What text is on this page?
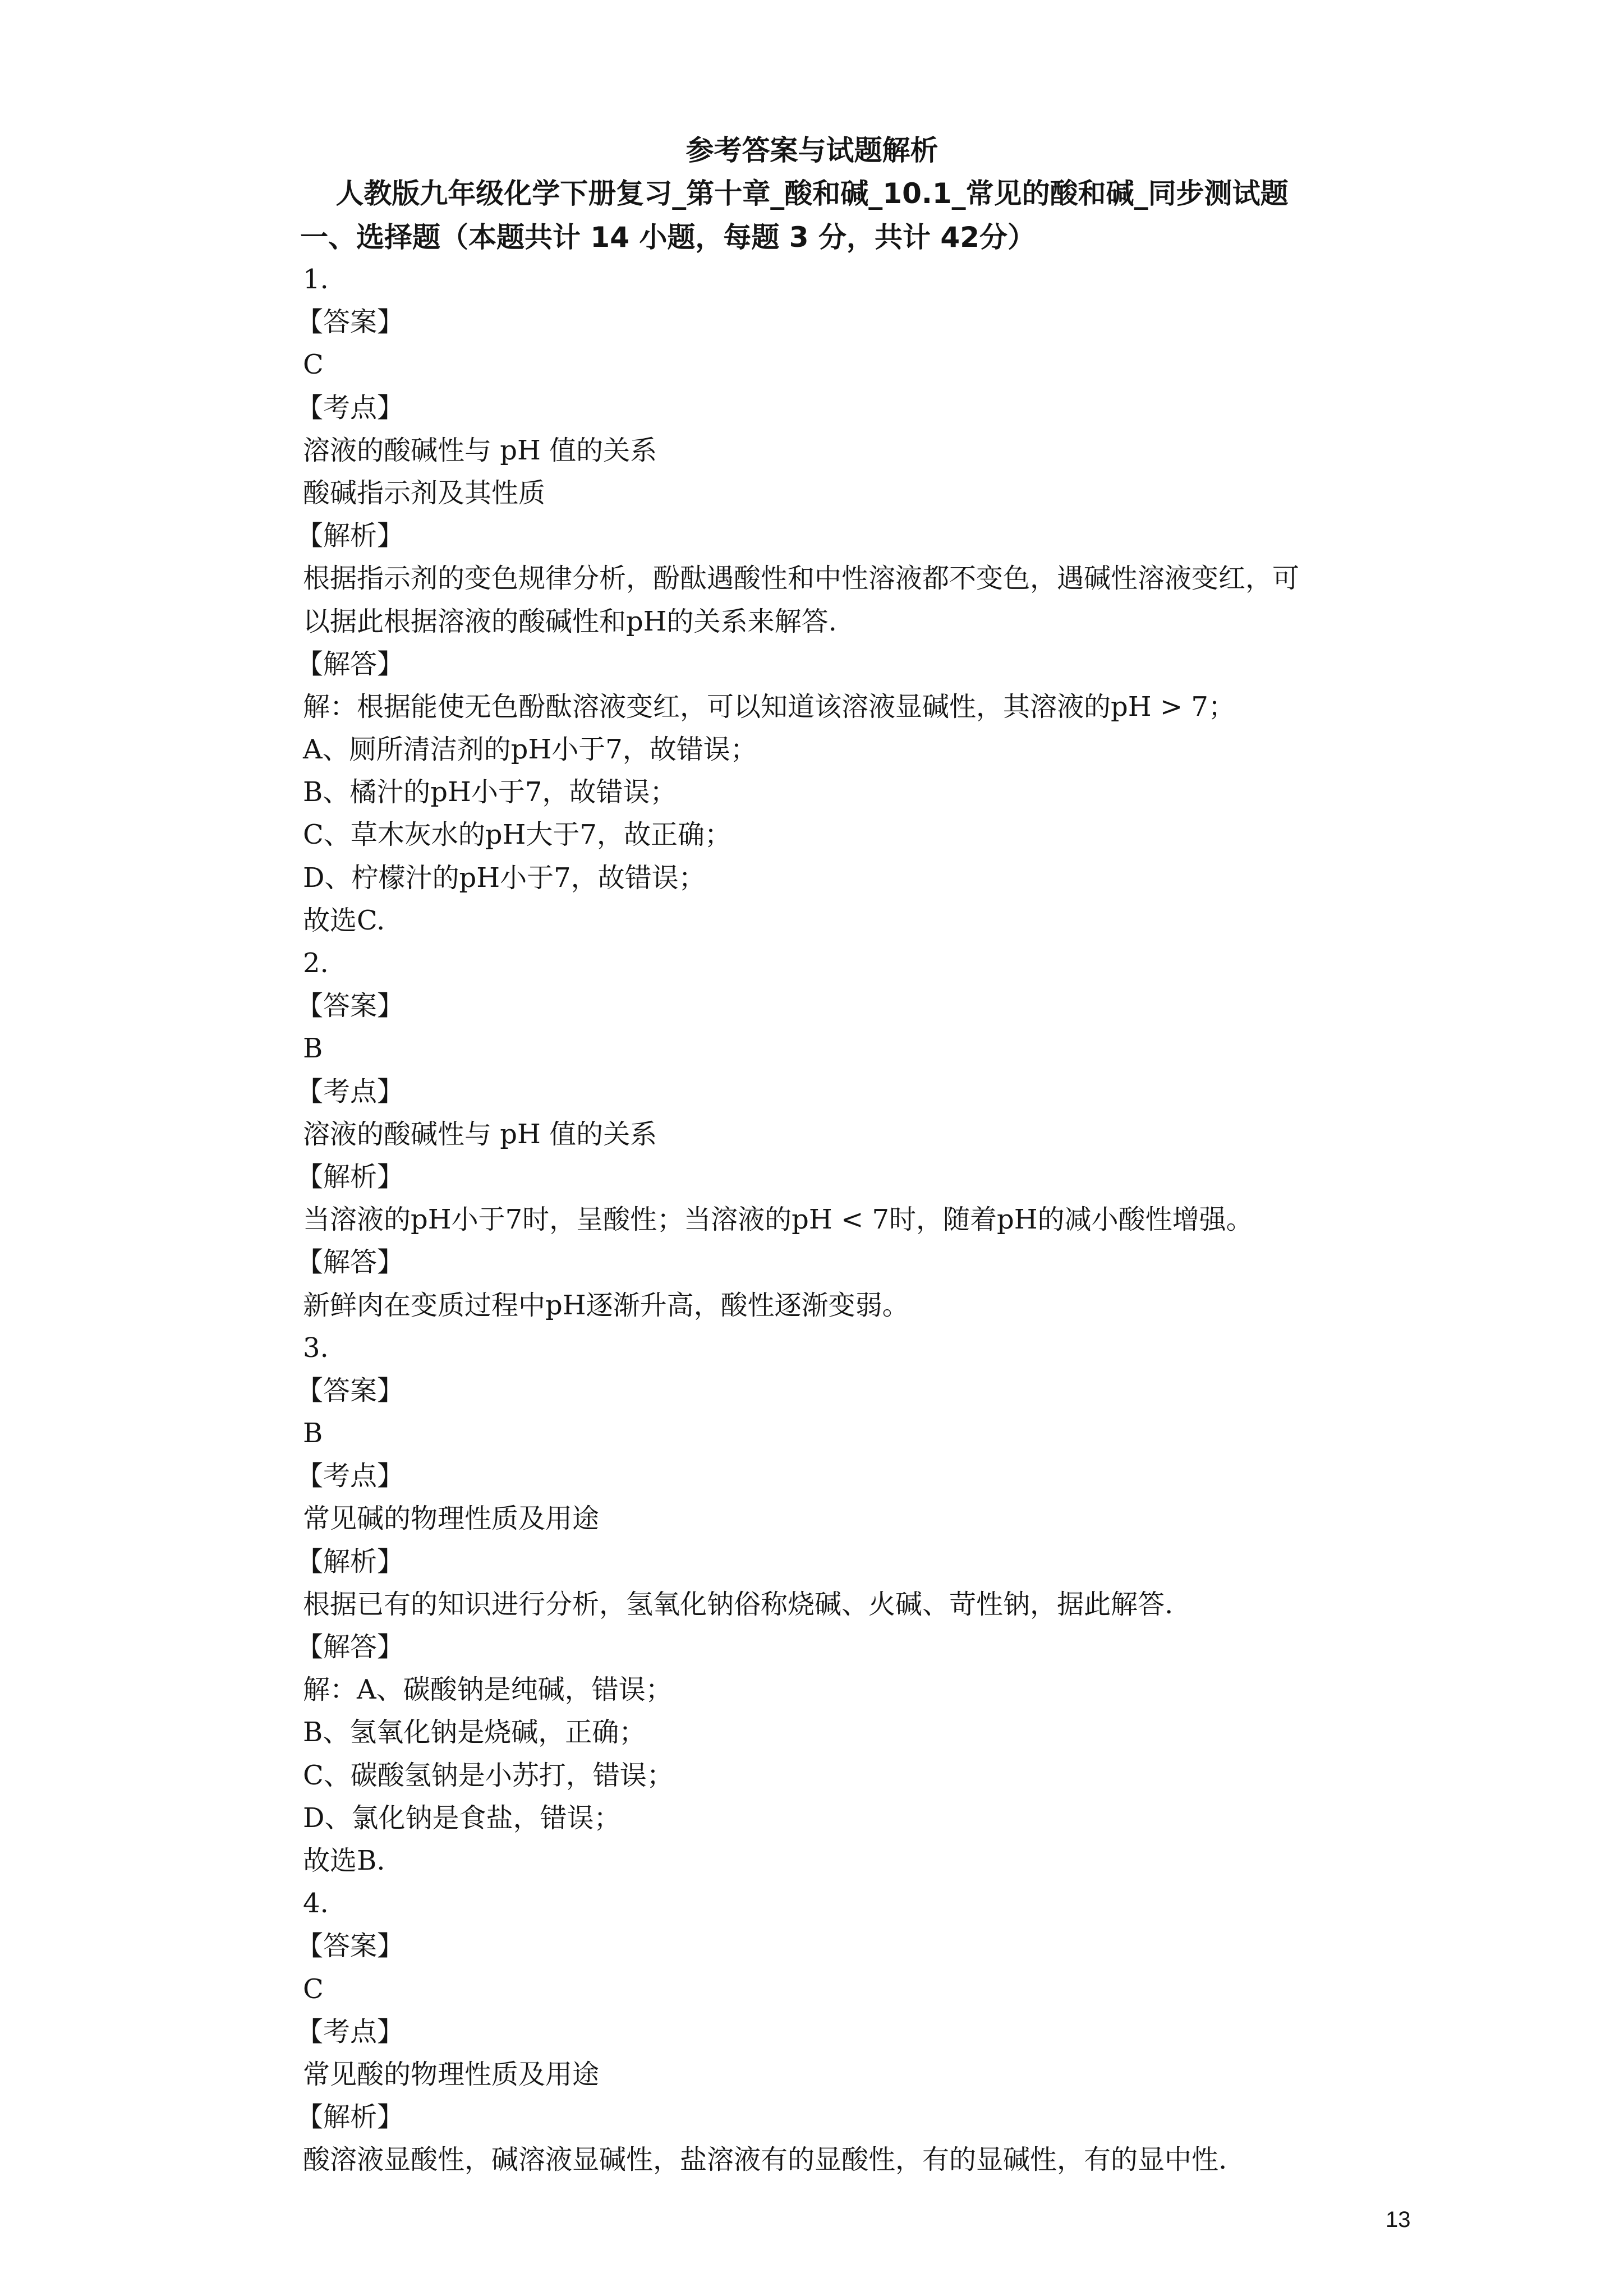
参考答案与试题解析
人教版九年级化学下册复习_第十章_酸和碱_10.1_常见的酸和碱_同步测试题
一、选择题（本题共计 14 小题，每题 3 分，共计 42分）
1.
【答案】
C
【考点】
溶液的酸碱性与 pH 值的关系
酸碱指示剂及其性质
【解析】
根据指示剂的变色规律分析，酚酞遇酸性和中性溶液都不变色，遇碱性溶液变红，可
以据此根据溶液的酸碱性和pH的关系来解答.
【解答】
解：根据能使无色酚酞溶液变红，可以知道该溶液显碱性，其溶液的pH > 7；
A、厕所清洁剂的pH小于7，故错误；
B、橘汁的pH小于7，故错误；
C、草木灰水的pH大于7，故正确；
D、柠檬汁的pH小于7，故错误；
故选C.
2.
【答案】
B
【考点】
溶液的酸碱性与 pH 值的关系
【解析】
当溶液的pH小于7时，呈酸性；当溶液的pH < 7时，随着pH的减小酸性增强。
【解答】
新鲜肉在变质过程中pH逐渐升高，酸性逐渐变弱。
3.
【答案】
B
【考点】
常见碱的物理性质及用途
【解析】
根据已有的知识进行分析，氢氧化钠俗称烧碱、火碱、苛性钠，据此解答.
【解答】
解：A、碳酸钠是纯碱，错误；
B、氢氧化钠是烧碱，正确；
C、碳酸氢钠是小苏打，错误；
D、氯化钠是食盐，错误；
故选B.
4.
【答案】
C
【考点】
常见酸的物理性质及用途
【解析】
酸溶液显酸性，碱溶液显碱性，盐溶液有的显酸性，有的显碱性，有的显中性.
13
